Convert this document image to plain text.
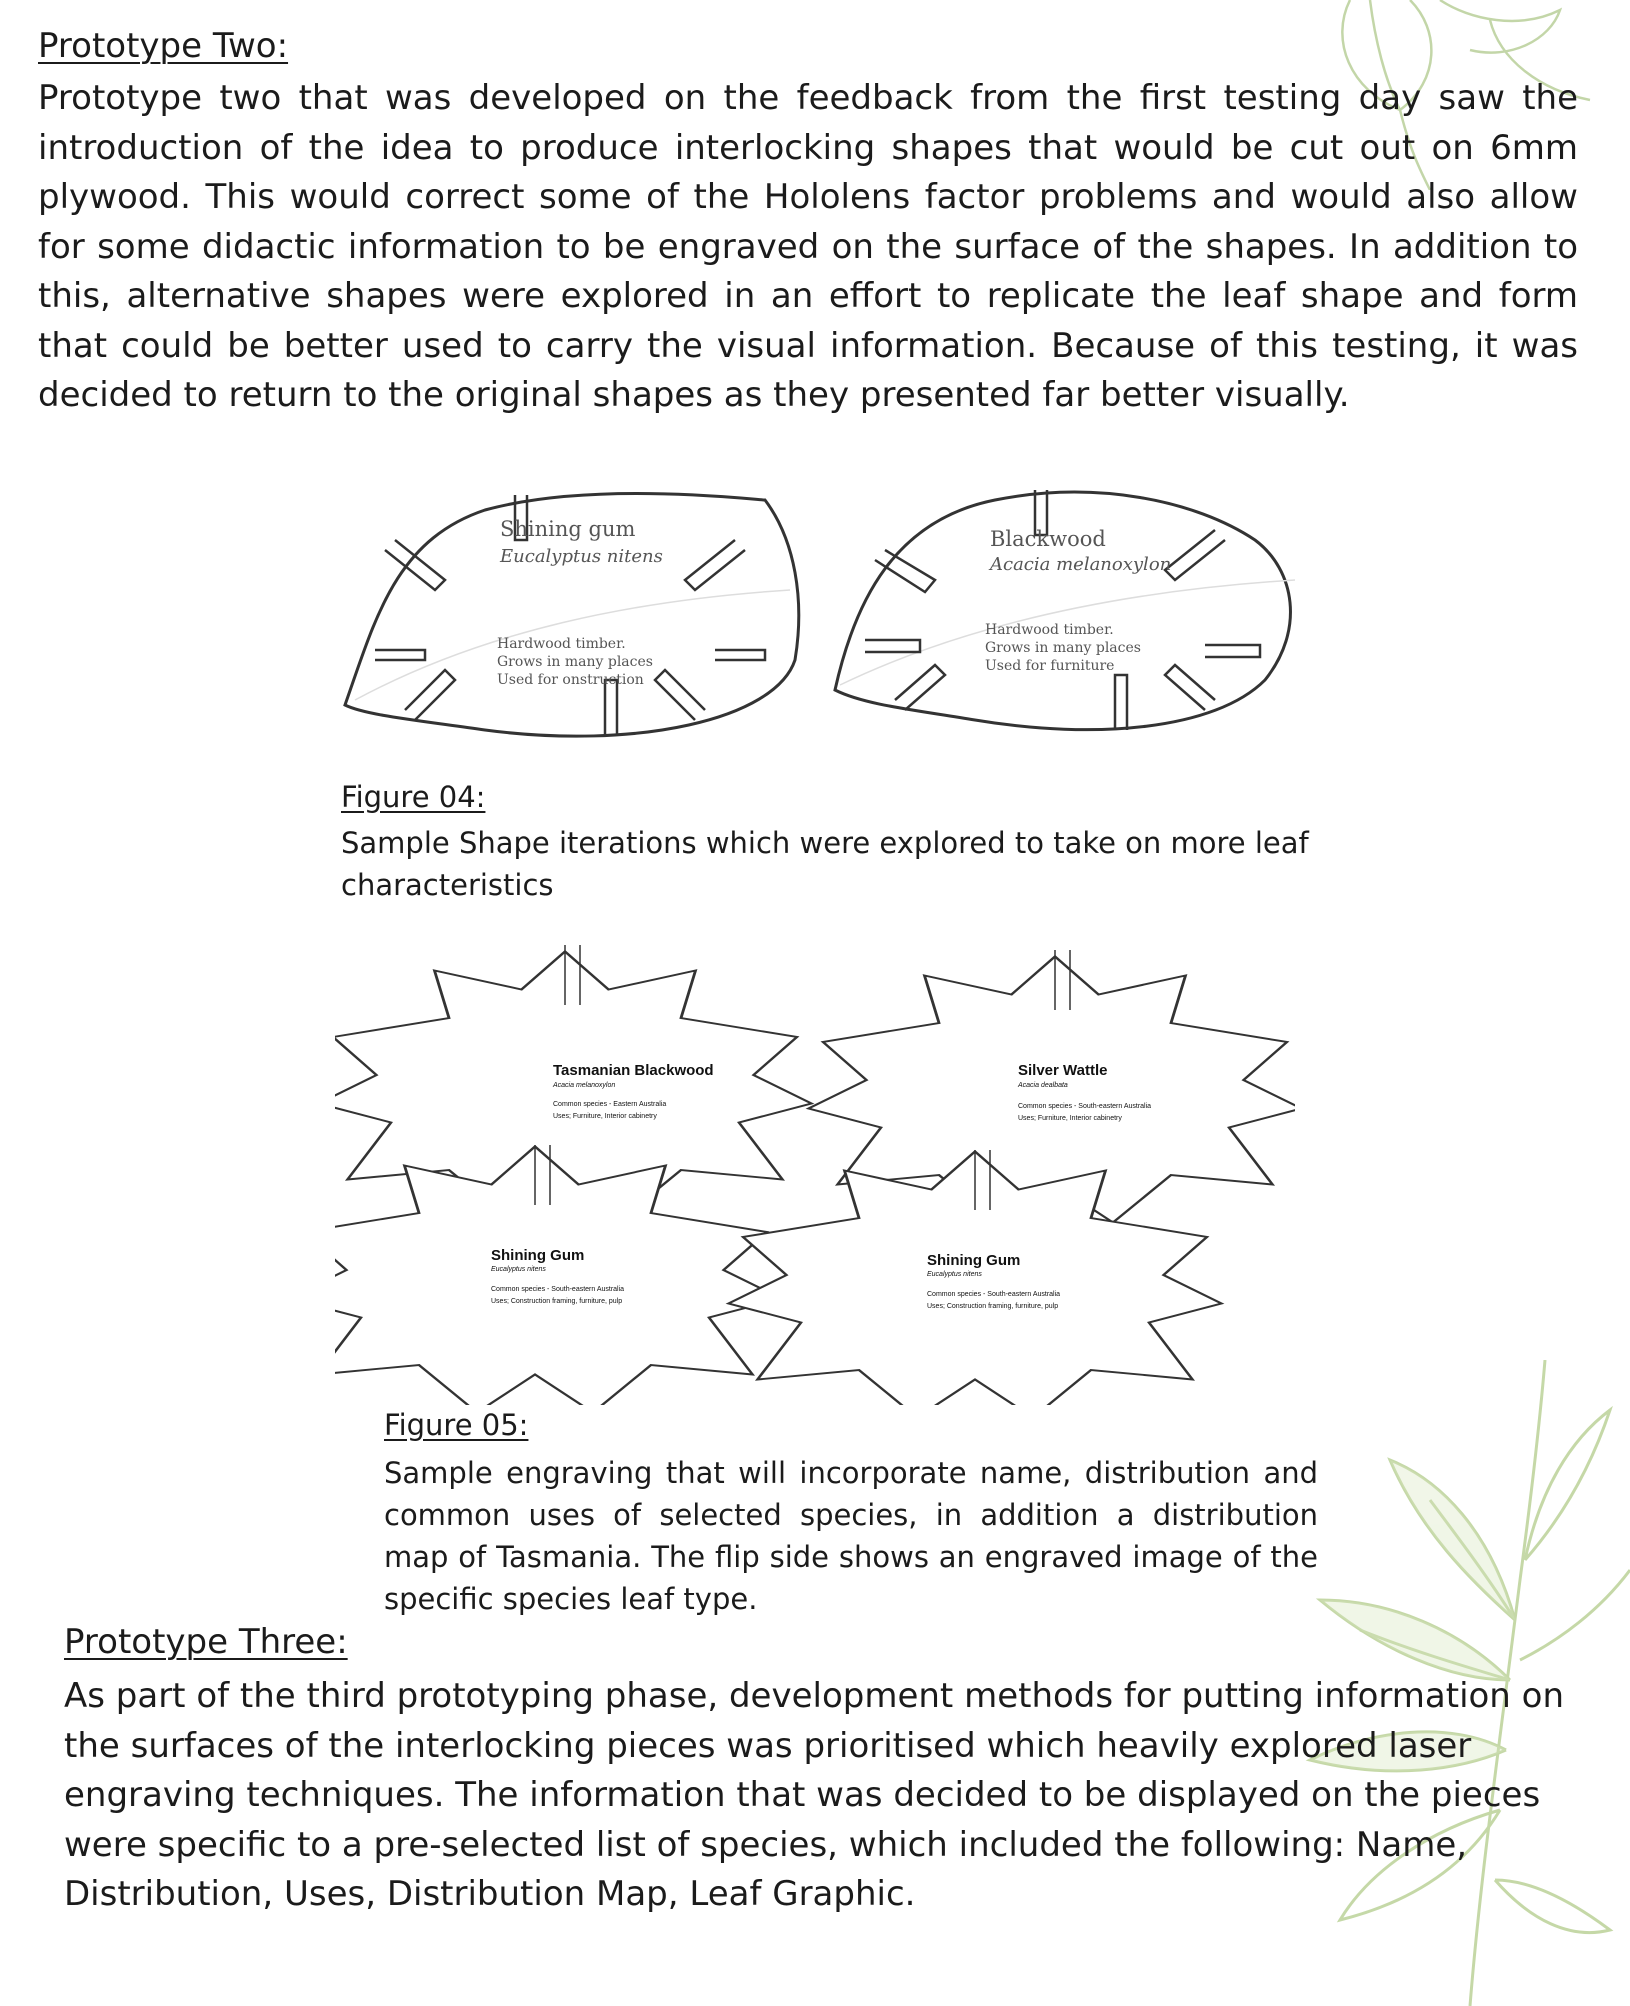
Prototype Two:

Prototype two that was developed on the feedback from the first testing day saw the introduction of the idea to produce interlocking shapes that would be cut out on 6mm plywood. This would correct some of the Hololens factor problems and would also allow for some didactic information to be engraved on the surface of the shapes. In addition to this, alternative shapes were explored in an effort to replicate the leaf shape and form that could be better used to carry the visual information. Because of this testing, it was decided to return to the original shapes as they presented far better visually.

Shining gum
Eucalyptus nitens
Hardwood timber.
Grows in many places
Used for onstruction
Blackwood
Acacia melanoxylon
Hardwood timber.
Grows in many places
Used for furniture

Figure 04:

Sample Shape iterations which were explored to take on more leaf characteristics

Tasmanian Blackwood
Acacia melanoxylon
Common species - Eastern Australia
Uses; Furniture, Interior cabinetry
Silver Wattle
Acacia dealbata
Common species - South-eastern Australia
Uses; Furniture, Interior cabinetry
Shining Gum
Eucalyptus nitens
Common species - South-eastern Australia
Uses; Construction framing, furniture, pulp
Shining Gum
Eucalyptus nitens
Common species - South-eastern Australia
Uses; Construction framing, furniture, pulp

Figure 05:

Sample engraving that will incorporate name, distribution and common uses of selected species, in addition a distribution map of Tasmania. The flip side shows an engraved image of the specific species leaf type.

Prototype Three:

As part of the third prototyping phase, development methods for putting information on the surfaces of the interlocking pieces was prioritised which heavily explored laser engraving techniques. The information that was decided to be displayed on the pieces were specific to a pre-selected list of species, which included the following: Name, Distribution, Uses, Distribution Map, Leaf Graphic.
